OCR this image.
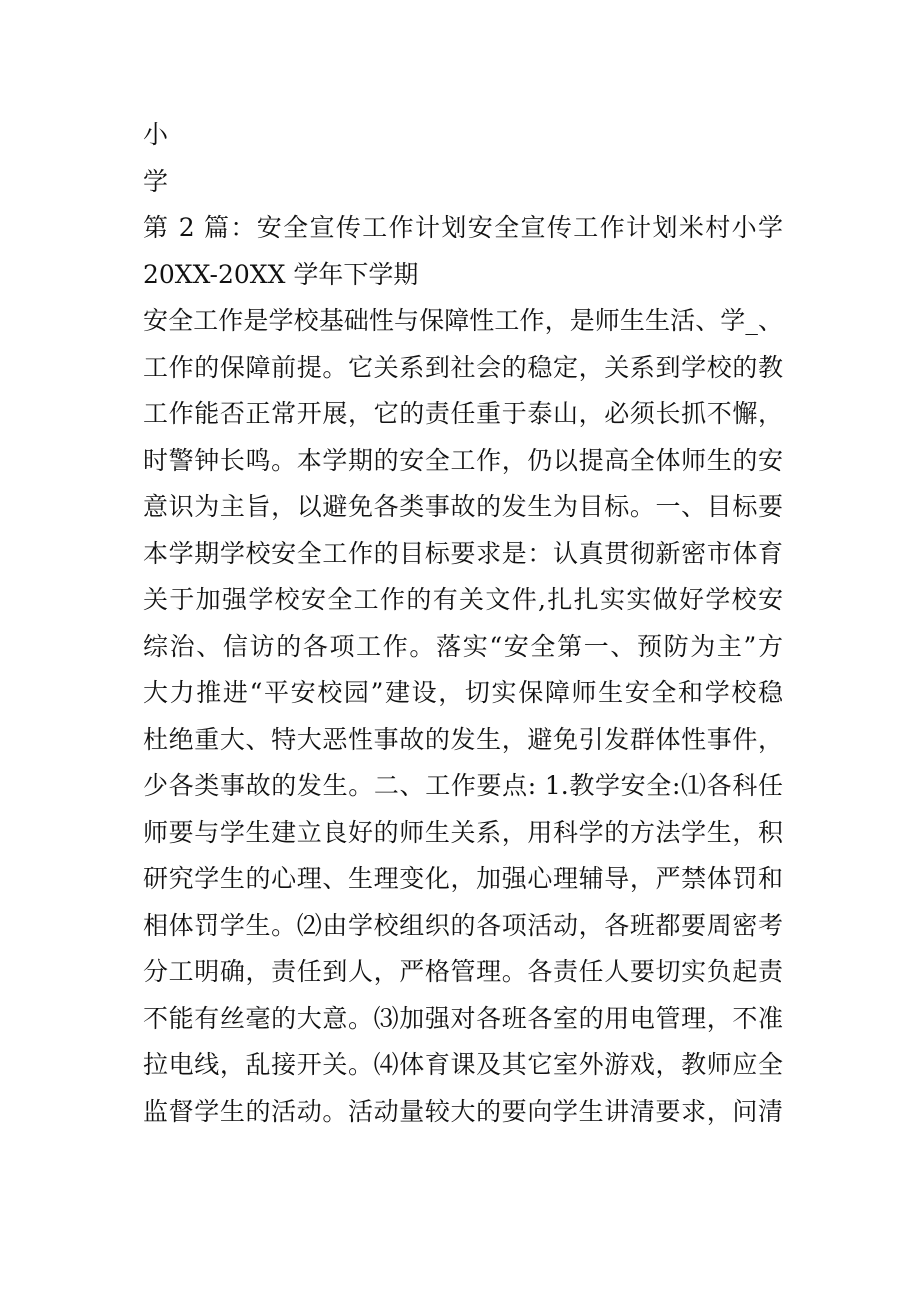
小
学
第 2 篇：安全宣传工作计划安全宣传工作计划米村小学
20XX-20XX 学年下学期
安全工作是学校基础性与保障性工作，是师生生活、学_、
工作的保障前提。它关系到社会的稳定，关系到学校的教
工作能否正常开展，它的责任重于泰山，必须长抓不懈，
时警钟长鸣。本学期的安全工作，仍以提高全体师生的安
意识为主旨，以避免各类事故的发生为目标。一、目标要
本学期学校安全工作的目标要求是：认真贯彻新密市体育
关于加强学校安全工作的有关文件,扎扎实实做好学校安
综治、信访的各项工作。落实“安全第一、预防为主”方
大力推进“平安校园”建设，切实保障师生安全和学校稳
杜绝重大、特大恶性事故的发生，避免引发群体性事件，
少各类事故的发生。二、工作要点: 1.教学安全:⑴各科任
师要与学生建立良好的师生关系，用科学的方法学生，积
研究学生的心理、生理变化，加强心理辅导，严禁体罚和
相体罚学生。⑵由学校组织的各项活动，各班都要周密考
分工明确，责任到人，严格管理。各责任人要切实负起责
不能有丝毫的大意。⑶加强对各班各室的用电管理，不准
拉电线，乱接开关。⑷体育课及其它室外游戏，教师应全
监督学生的活动。活动量较大的要向学生讲清要求，问清
